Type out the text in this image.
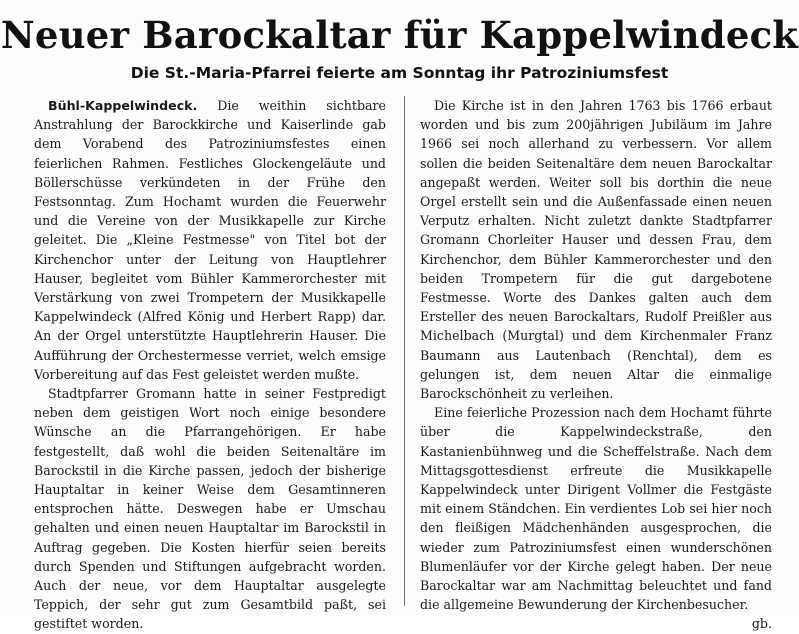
Neuer Barockaltar für Kappelwindeck
Die St.-Maria-Pfarrei feierte am Sonntag ihr Patroziniumsfest

Bühl-Kappelwindeck. Die weithin sichtbare Anstrahlung der Barockkirche und Kaiserlinde gab dem Vorabend des Patroziniumsfestes einen feierlichen Rahmen. Festliches Glockengeläute und Böllerschüsse verkündeten in der Frühe den Festsonntag. Zum Hochamt wurden die Feuerwehr und die Vereine von der Musikkapelle zur Kirche geleitet. Die „Kleine Festmesse" von Titel bot der Kirchenchor unter der Leitung von Hauptlehrer Hauser, begleitet vom Bühler Kammerorchester mit Verstärkung von zwei Trompetern der Musikkapelle Kappelwindeck (Alfred König und Herbert Rapp) dar. An der Orgel unterstützte Hauptlehrerin Hauser. Die Aufführung der Orchestermesse verriet, welch emsige Vorbereitung auf das Fest geleistet werden mußte.

Stadtpfarrer Gromann hatte in seiner Festpredigt neben dem geistigen Wort noch einige besondere Wünsche an die Pfarrangehörigen. Er habe festgestellt, daß wohl die beiden Seitenaltäre im Barockstil in die Kirche passen, jedoch der bisherige Hauptaltar in keiner Weise dem Gesamtinneren entsprochen hätte. Deswegen habe er Umschau gehalten und einen neuen Hauptaltar im Barockstil in Auftrag gegeben. Die Kosten hierfür seien bereits durch Spenden und Stiftungen aufgebracht worden. Auch der neue, vor dem Hauptaltar ausgelegte Teppich, der sehr gut zum Gesamtbild paßt, sei gestiftet worden.

Die Kirche ist in den Jahren 1763 bis 1766 erbaut worden und bis zum 200jährigen Jubiläum im Jahre 1966 sei noch allerhand zu verbessern. Vor allem sollen die beiden Seitenaltäre dem neuen Barockaltar angepaßt werden. Weiter soll bis dorthin die neue Orgel erstellt sein und die Außenfassade einen neuen Verputz erhalten. Nicht zuletzt dankte Stadtpfarrer Gromann Chorleiter Hauser und dessen Frau, dem Kirchenchor, dem Bühler Kammerorchester und den beiden Trompetern für die gut dargebotene Festmesse. Worte des Dankes galten auch dem Ersteller des neuen Barockaltars, Rudolf Preißler aus Michelbach (Murgtal) und dem Kirchenmaler Franz Baumann aus Lautenbach (Renchtal), dem es gelungen ist, dem neuen Altar die einmalige Barockschönheit zu verleihen.

Eine feierliche Prozession nach dem Hochamt führte über die Kappelwindeckstraße, den Kastanienbühnweg und die Scheffelstraße. Nach dem Mittagsgottesdienst erfreute die Musikkapelle Kappelwindeck unter Dirigent Vollmer die Festgäste mit einem Ständchen. Ein verdientes Lob sei hier noch den fleißigen Mädchenhänden ausgesprochen, die wieder zum Patroziniumsfest einen wunderschönen Blumenläufer vor der Kirche gelegt haben. Der neue Barockaltar war am Nachmittag beleuchtet und fand die allgemeine Bewunderung der Kirchenbesucher.
gb.
